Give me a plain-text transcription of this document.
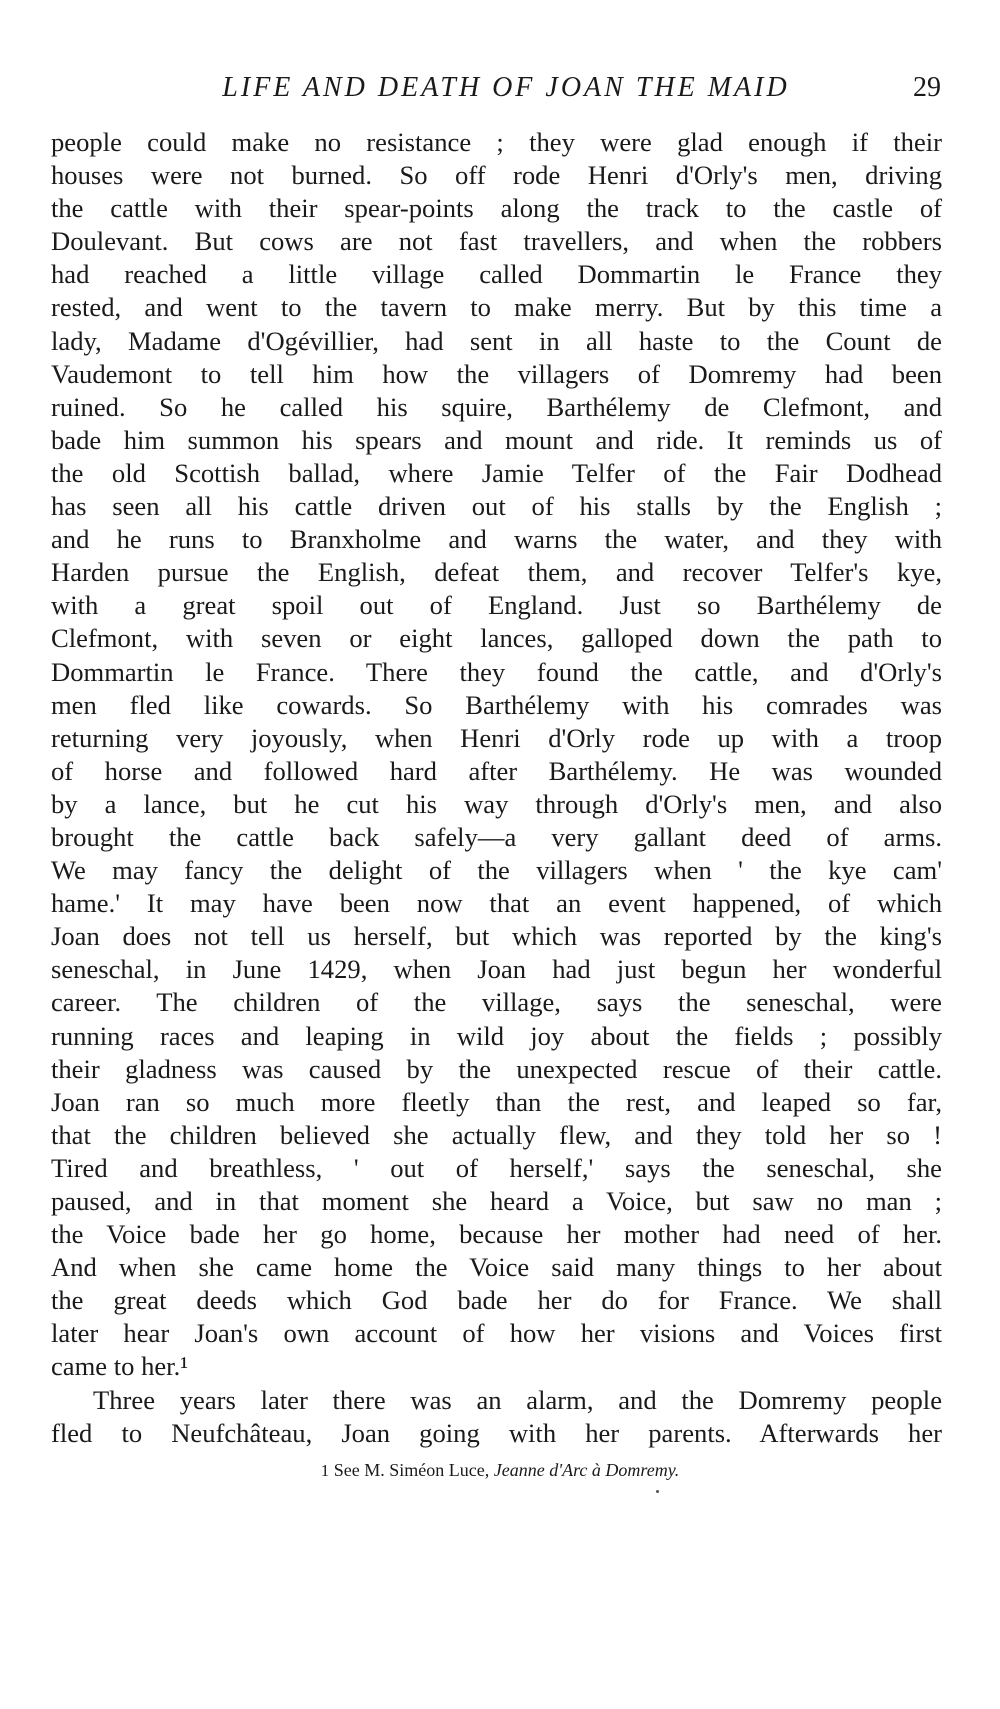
LIFE AND DEATH OF JOAN THE MAID	29
people could make no resistance ; they were glad enough if their
houses were not burned. So off rode Henri d'Orly's men, driving
the cattle with their spear-points along the track to the castle of
Doulevant. But cows are not fast travellers, and when the robbers
had reached a little village called Dommartin le France they
rested, and went to the tavern to make merry. But by this time a
lady, Madame d'Ogévillier, had sent in all haste to the Count de
Vaudemont to tell him how the villagers of Domremy had been
ruined. So he called his squire, Barthélemy de Clefmont, and
bade him summon his spears and mount and ride. It reminds us of
the old Scottish ballad, where Jamie Telfer of the Fair Dodhead
has seen all his cattle driven out of his stalls by the English ;
and he runs to Branxholme and warns the water, and they with
Harden pursue the English, defeat them, and recover Telfer's kye,
with a great spoil out of England. Just so Barthélemy de
Clefmont, with seven or eight lances, galloped down the path to
Dommartin le France. There they found the cattle, and d'Orly's
men fled like cowards. So Barthélemy with his comrades was
returning very joyously, when Henri d'Orly rode up with a troop
of horse and followed hard after Barthélemy. He was wounded
by a lance, but he cut his way through d'Orly's men, and also
brought the cattle back safely—a very gallant deed of arms.
We may fancy the delight of the villagers when ' the kye cam'
hame.' It may have been now that an event happened, of which
Joan does not tell us herself, but which was reported by the king's
seneschal, in June 1429, when Joan had just begun her wonderful
career. The children of the village, says the seneschal, were
running races and leaping in wild joy about the fields ; possibly
their gladness was caused by the unexpected rescue of their cattle.
Joan ran so much more fleetly than the rest, and leaped so far,
that the children believed she actually flew, and they told her so !
Tired and breathless, ' out of herself,' says the seneschal, she
paused, and in that moment she heard a Voice, but saw no man ;
the Voice bade her go home, because her mother had need of her.
And when she came home the Voice said many things to her about
the great deeds which God bade her do for France. We shall
later hear Joan's own account of how her visions and Voices first
came to her.¹
Three years later there was an alarm, and the Domremy people
fled to Neufchâteau, Joan going with her parents. Afterwards her
1 See M. Siméon Luce, Jeanne d'Arc à Domremy.
